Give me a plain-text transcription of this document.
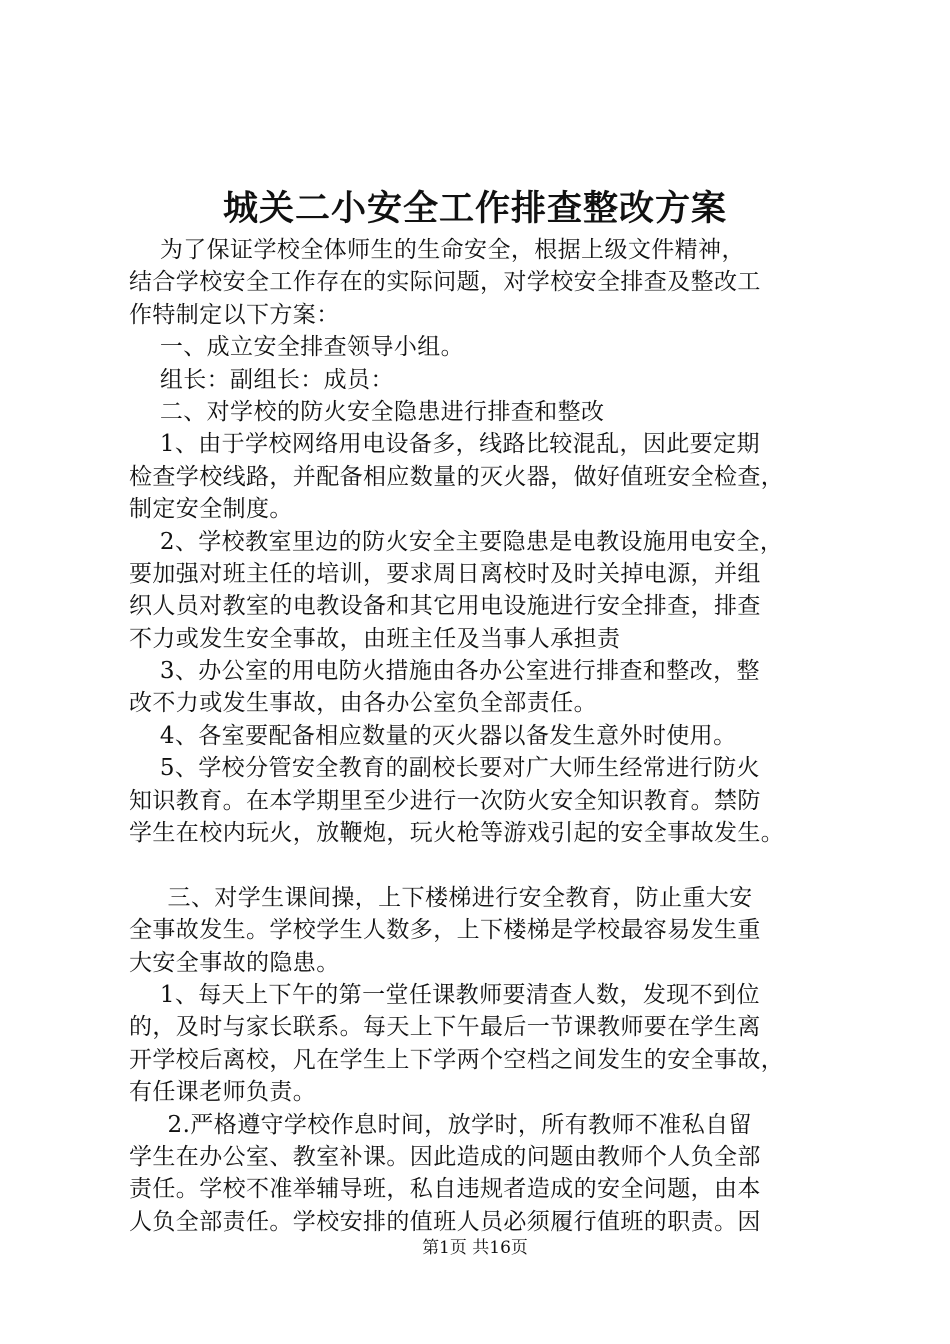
城关二小安全工作排查整改方案
为了保证学校全体师生的生命安全，根据上级文件精神，
结合学校安全工作存在的实际问题，对学校安全排查及整改工
作特制定以下方案：
一、成立安全排查领导小组。
组长：副组长：成员：
二、对学校的防火安全隐患进行排查和整改
1、由于学校网络用电设备多，线路比较混乱，因此要定期
检查学校线路，并配备相应数量的灭火器，做好值班安全检查，
制定安全制度。
2、学校教室里边的防火安全主要隐患是电教设施用电安全，
要加强对班主任的培训，要求周日离校时及时关掉电源，并组
织人员对教室的电教设备和其它用电设施进行安全排查，排查
不力或发生安全事故，由班主任及当事人承担责
3、办公室的用电防火措施由各办公室进行排查和整改，整
改不力或发生事故，由各办公室负全部责任。
4、各室要配备相应数量的灭火器以备发生意外时使用。
5、学校分管安全教育的副校长要对广大师生经常进行防火
知识教育。在本学期里至少进行一次防火安全知识教育。禁防
学生在校内玩火，放鞭炮，玩火枪等游戏引起的安全事故发生。
三、对学生课间操，上下楼梯进行安全教育，防止重大安
全事故发生。学校学生人数多，上下楼梯是学校最容易发生重
大安全事故的隐患。
1、每天上下午的第一堂任课教师要清查人数，发现不到位
的，及时与家长联系。每天上下午最后一节课教师要在学生离
开学校后离校，凡在学生上下学两个空档之间发生的安全事故，
有任课老师负责。
2.严格遵守学校作息时间，放学时，所有教师不准私自留
学生在办公室、教室补课。因此造成的问题由教师个人负全部
责任。学校不准举辅导班，私自违规者造成的安全问题，由本
人负全部责任。学校安排的值班人员必须履行值班的职责。因
第1页 共16页
